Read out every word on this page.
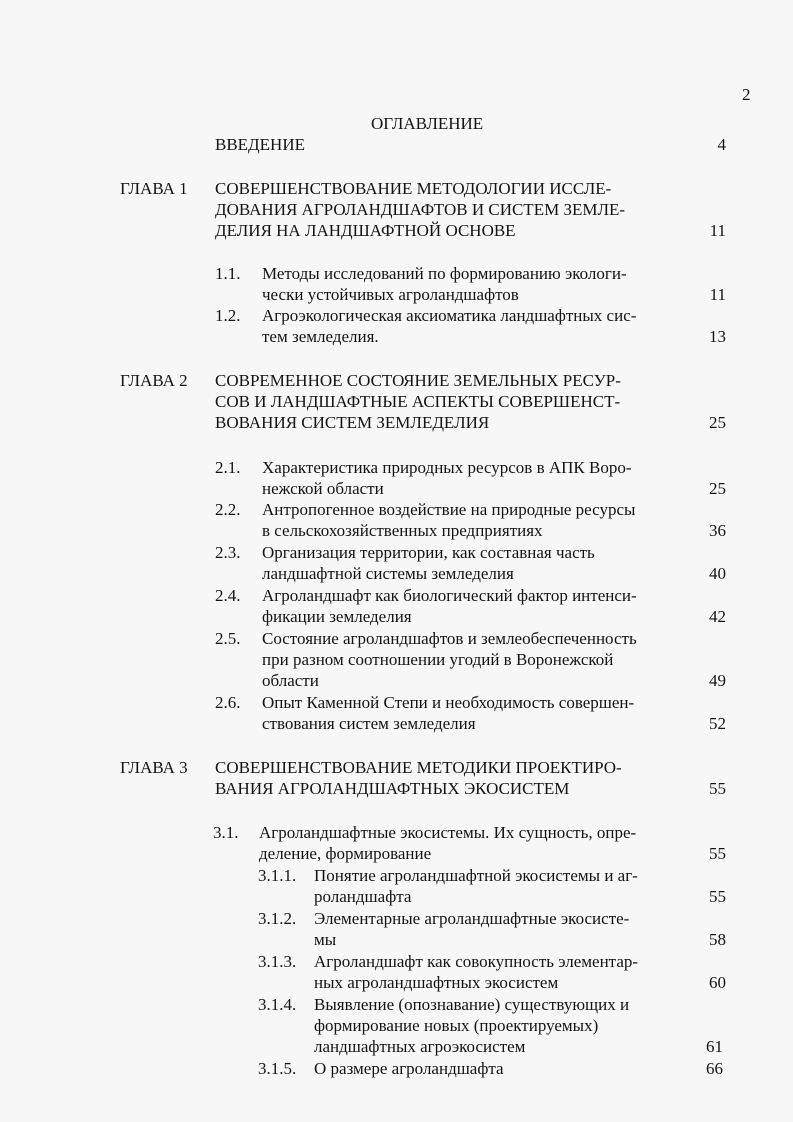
2
ОГЛАВЛЕНИЕ
ВВЕДЕНИЕ	4
ГЛАВА 1 СОВЕРШЕНСТВОВАНИЕ МЕТОДОЛОГИИ ИССЛЕ-
ДОВАНИЯ АГРОЛАНДШАФТОВ И СИСТЕМ ЗЕМЛЕ-
ДЕЛИЯ НА ЛАНДШАФТНОЙ ОСНОВЕ	11
1.1. Методы исследований по формированию экологи-
чески устойчивых агроландшафтов	11
1.2. Агроэкологическая аксиоматика ландшафтных сис-
тем земледелия.	13
ГЛАВА 2 СОВРЕМЕННОЕ СОСТОЯНИЕ ЗЕМЕЛЬНЫХ РЕСУР-
СОВ И ЛАНДШАФТНЫЕ АСПЕКТЫ СОВЕРШЕНСТ-
ВОВАНИЯ СИСТЕМ ЗЕМЛЕДЕЛИЯ	25
2.1. Характеристика природных ресурсов в АПК Воро-
нежской области	25
2.2. Антропогенное воздействие на природные ресурсы
в сельскохозяйственных предприятиях	36
2.3. Организация территории, как составная часть
ландшафтной системы земледелия	40
2.4. Агроландшафт как биологический фактор интенси-
фикации земледелия	42
2.5. Состояние агроландшафтов и землеобеспеченность
при разном соотношении угодий в Воронежской
области	49
2.6. Опыт Каменной Степи и необходимость совершен-
ствования систем земледелия	52
ГЛАВА 3 СОВЕРШЕНСТВОВАНИЕ МЕТОДИКИ ПРОЕКТИРО-
ВАНИЯ АГРОЛАНДШАФТНЫХ ЭКОСИСТЕМ	55
3.1. Агроландшафтные экосистемы. Их сущность, опре-
деление, формирование	55
3.1.1. Понятие агроландшафтной экосистемы и аг-
роландшафта	55
3.1.2. Элементарные агроландшафтные экосисте-
мы	58
3.1.3. Агроландшафт как совокупность элементар-
ных агроландшафтных экосистем	60
3.1.4. Выявление (опознавание) существующих и
формирование новых (проектируемых)
ландшафтных агроэкосистем	61
3.1.5. О размере агроландшафта	66
